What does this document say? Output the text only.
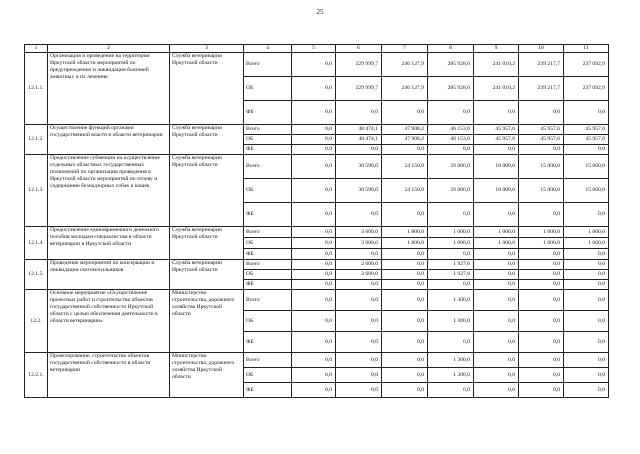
25
1	2	3	4	5	6	7	8	9	10	11
12.1.1.	Организация и проведение на территории Иркутской области мероприятий по предупреждению и ликвидации болезней животных и их лечению	Служба ветеринарии Иркутской области	Всего	0,0	229 999,7	246 127,9	285 928,6	241 010,2	239 217,7	237 092,9
			ОБ	0,0	229 999,7	246 127,9	285 928,6	241 010,2	239 217,7	237 092,9
			ФБ	0,0	0,0	0,0	0,0	0,0	0,0	0,0
12.1.2.	Осуществление функций органами государственной власти в области ветеринарии	Служба ветеринарии Иркутской области	Всего	0,0	48 474,1	47 908,2	46 153,6	45 957,6	45 957,6	45 957,6
			ОБ	0,0	48 474,1	47 908,2	46 153,6	45 957,6	45 957,6	45 957,6
			ФБ	0,0	0,0	0,0	0,0	0,0	0,0	0,0
12.1.3.	Предоставление субвенции на осуществление отдельных областных государственных полномочий по организации проведения в Иркутской области мероприятий по отлову и содержанию безнадзорных собак и кошек	Служба ветеринарии Иркутской области	Всего	0,0	30 590,0	24 150,0	20 000,0	18 000,0	15 000,0	15 000,0
			ОБ	0,0	30 590,0	24 150,0	20 000,0	18 000,0	15 000,0	15 000,0
			ФБ	0,0	0,0	0,0	0,0	0,0	0,0	0,0
12.1.4.	Предоставление единовременного денежного пособия молодым специалистам в области ветеринарии в Иркутской области	Служба ветеринарии Иркутской области	Всего	0,0	3 600,0	1 800,0	1 000,0	1 000,0	1 000,0	1 000,0
			ОБ	0,0	3 600,0	1 800,0	1 000,0	1 000,0	1 000,0	1 000,0
			ФБ	0,0	0,0	0,0	0,0	0,0	0,0	0,0
12.1.5.	Проведение мероприятий по консервации и ликвидации скотомогильников	Служба ветеринарии Иркутской области	Всего	0,0	2 600,0	0,0	1 927,6	0,0	0,0	0,0
			ОБ	0,0	2 600,0	0,0	1 927,6	0,0	0,0	0,0
			ФБ	0,0	0,0	0,0	0,0	0,0	0,0	0,0
12.2.	Основное мероприятие «Осуществление проектных работ и строительства объектов государственной собственности Иркутской области с целью обеспечения деятельности в области ветеринарии»	Министерство строительства, дорожного хозяйства Иркутской области	Всего	0,0	0,0	0,0	1 300,0	0,0	0,0	0,0
			ОБ	0,0	0,0	0,0	1 300,0	0,0	0,0	0,0
			ФБ	0,0	0,0	0,0	0,0	0,0	0,0	0,0
12.2.1.	Проектирование, строительство объектов государственной собственности в области ветеринарии	Министерство строительства, дорожного хозяйства Иркутской области	Всего	0,0	0,0	0,0	1 300,0	0,0	0,0	0,0
			ОБ	0,0	0,0	0,0	1 300,0	0,0	0,0	0,0
			ФБ	0,0	0,0	0,0	0,0	0,0	0,0	0,0
